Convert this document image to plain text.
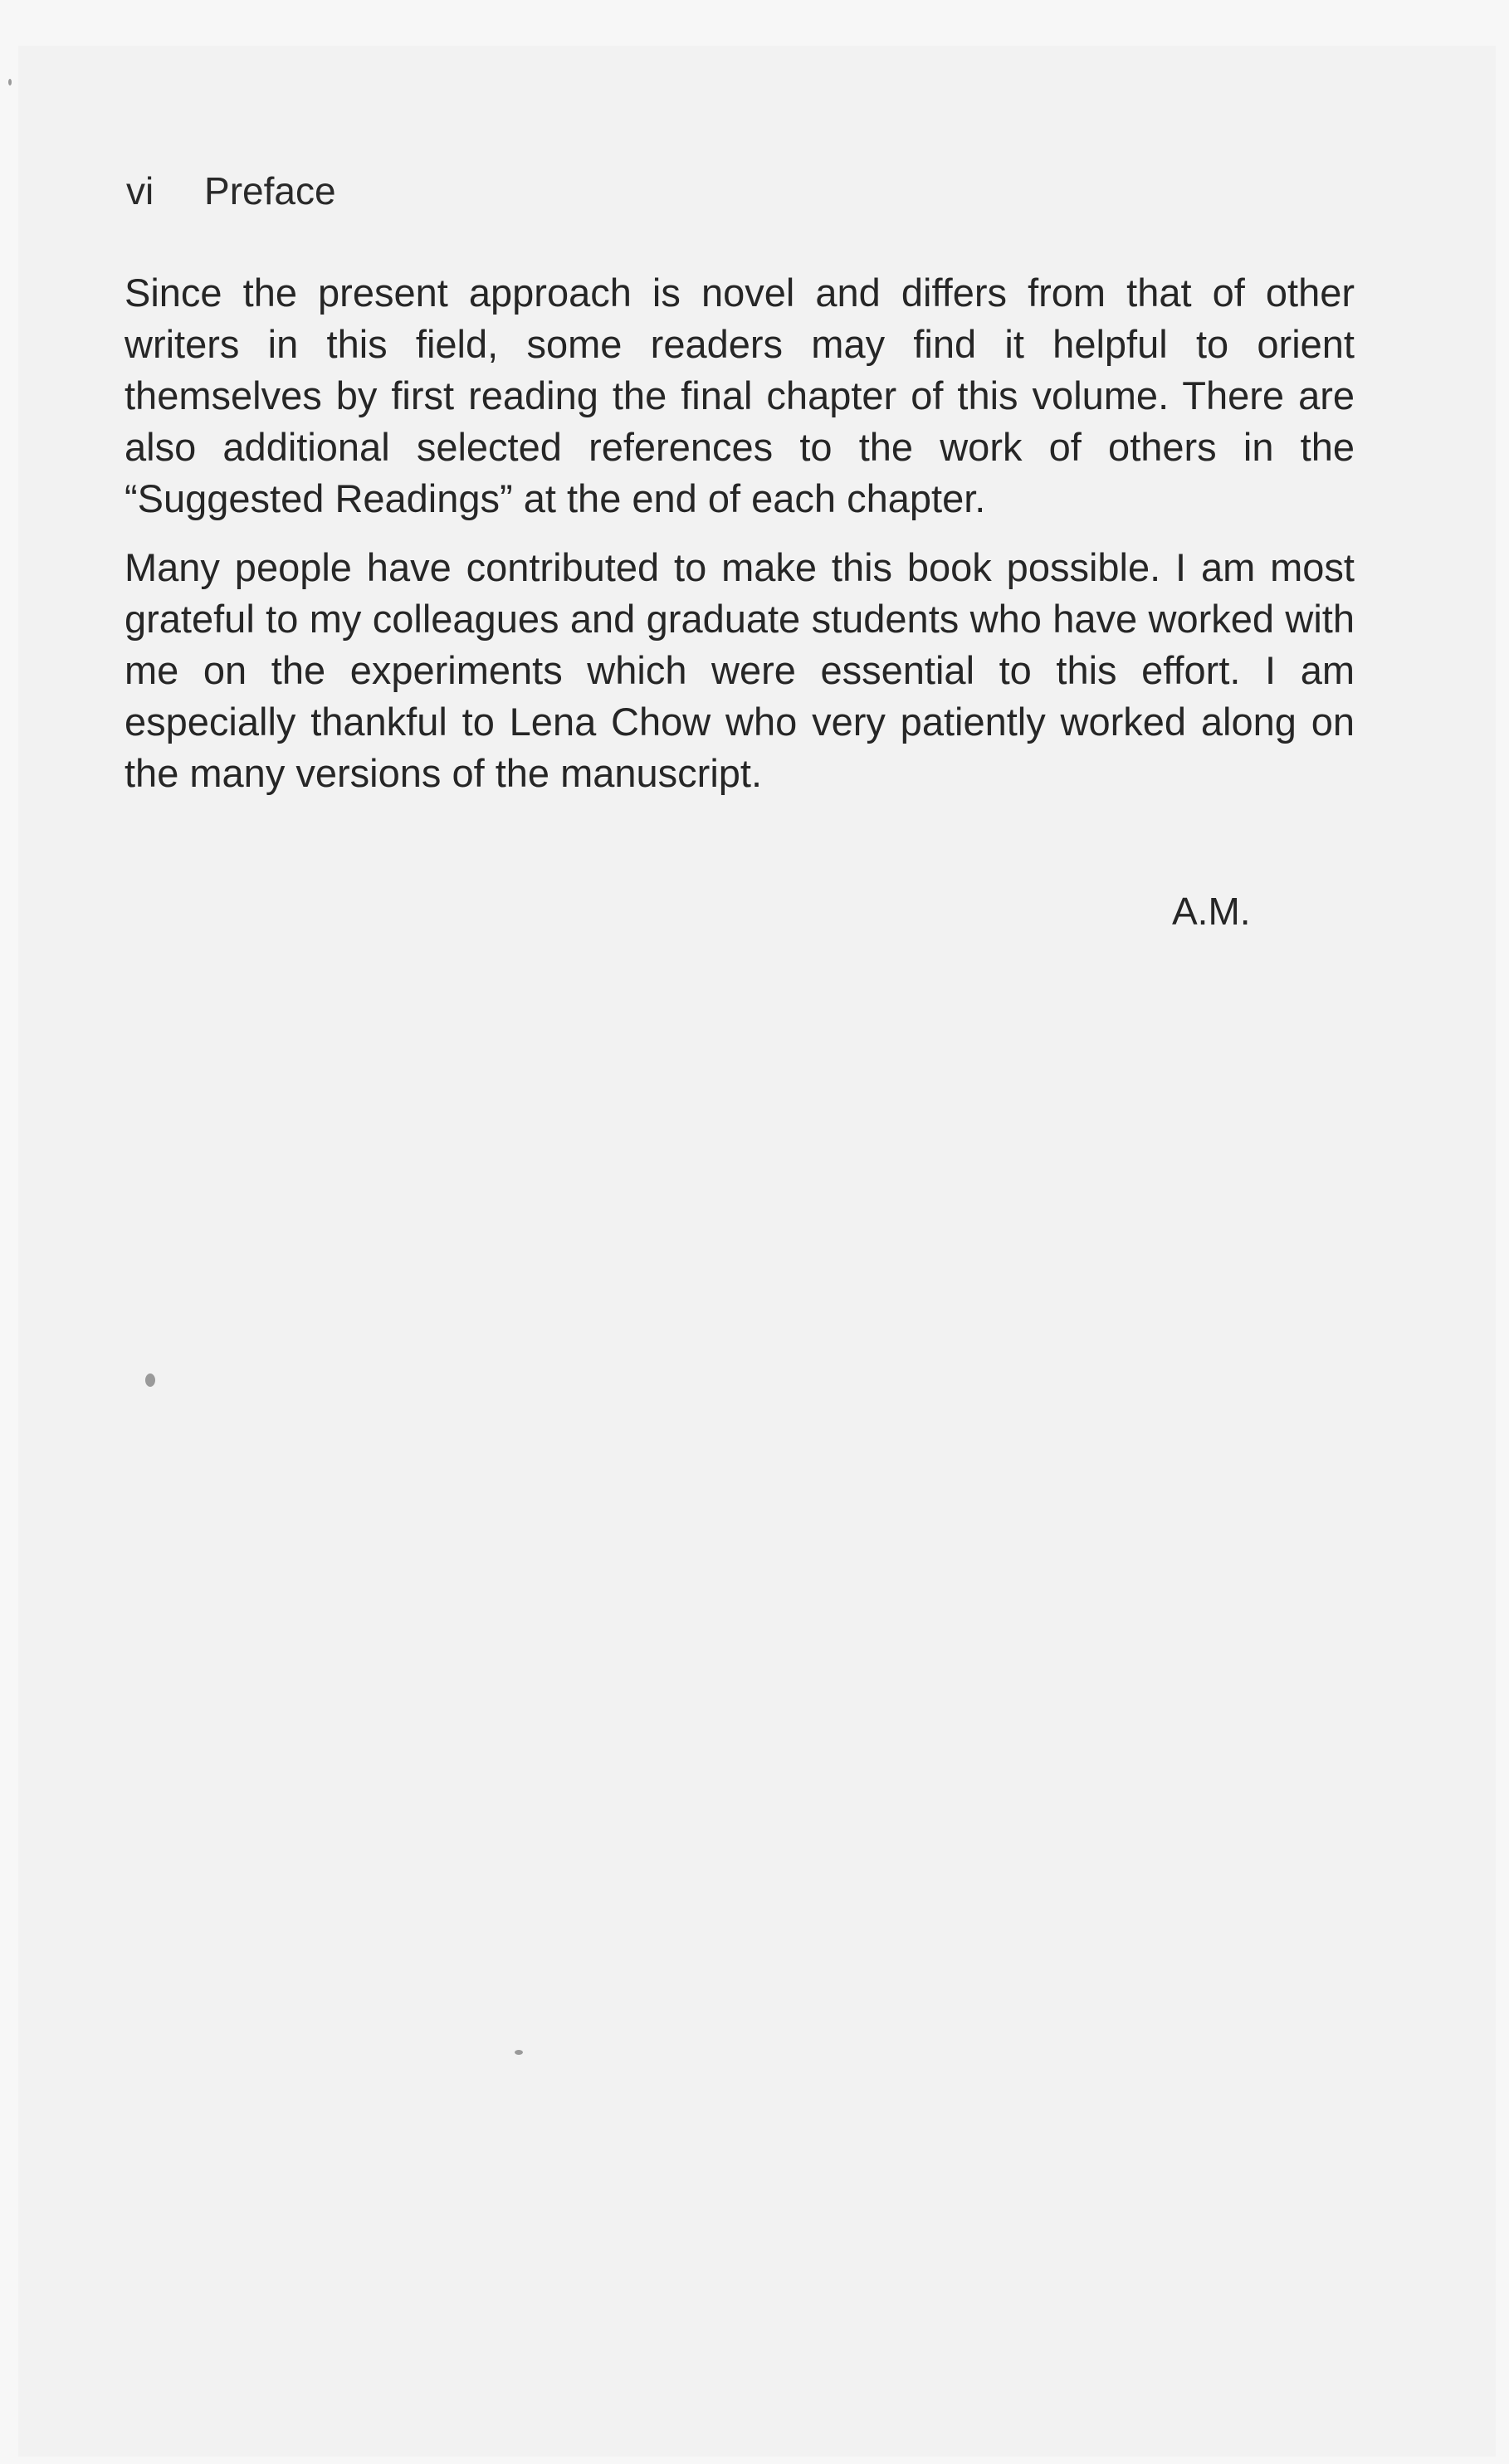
vi Preface

Since the present approach is novel and differs from that of other writers in this field, some readers may find it helpful to orient themselves by first reading the final chapter of this volume. There are also additional selected references to the work of others in the “Suggested Readings” at the end of each chapter.

Many people have contributed to make this book possible. I am most grateful to my colleagues and graduate students who have worked with me on the experiments which were essential to this effort. I am especially thankful to Lena Chow who very patiently worked along on the many versions of the manuscript.

A.M.
